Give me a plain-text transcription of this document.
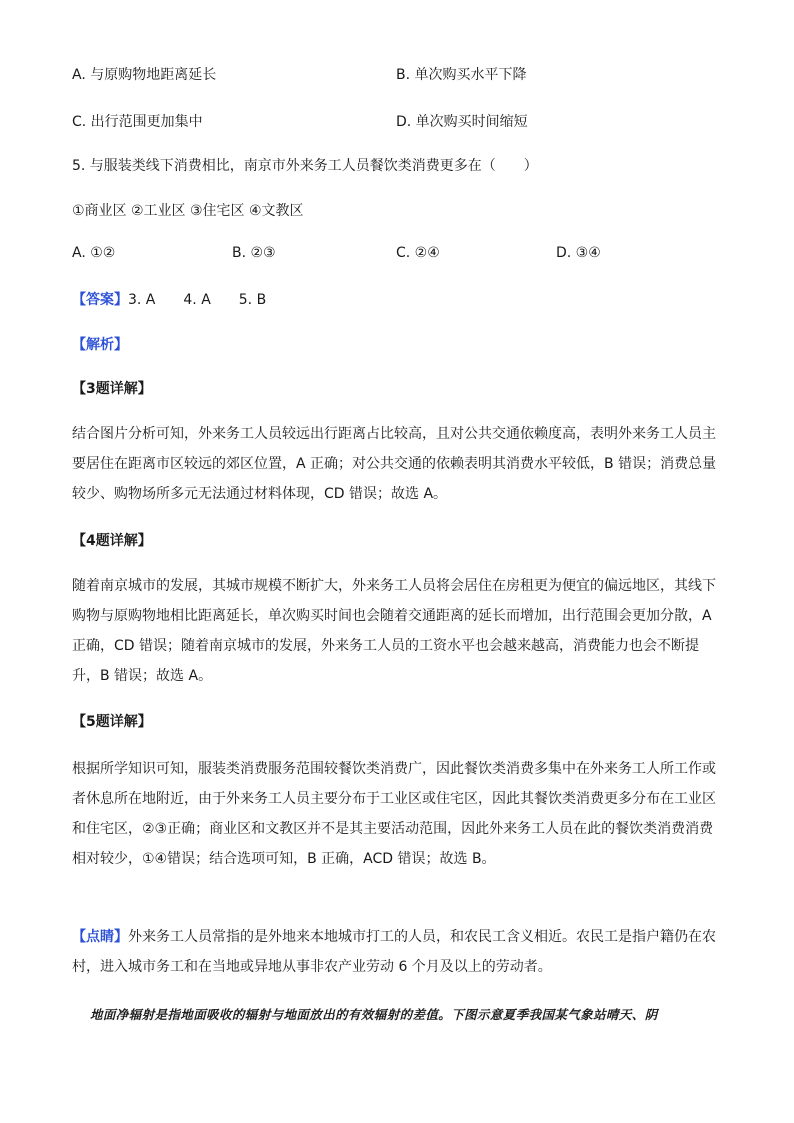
A. 与原购物地距离延长	B. 单次购买水平下降
C. 出行范围更加集中	D. 单次购买时间缩短
5. 与服装类线下消费相比，南京市外来务工人员餐饮类消费更多在（　　）
①商业区 ②工业区 ③住宅区 ④文教区
A. ①②	B. ②③	C. ②④	D. ③④
【答案】3. A　　4. A　　5. B
【解析】
【3题详解】
结合图片分析可知，外来务工人员较远出行距离占比较高，且对公共交通依赖度高，表明外来务工人员主
要居住在距离市区较远的郊区位置，A 正确；对公共交通的依赖表明其消费水平较低，B 错误；消费总量
较少、购物场所多元无法通过材料体现，CD 错误；故选 A。
【4题详解】
随着南京城市的发展，其城市规模不断扩大，外来务工人员将会居住在房租更为便宜的偏远地区，其线下
购物与原购物地相比距离延长，单次购买时间也会随着交通距离的延长而增加，出行范围会更加分散，A
正确，CD 错误；随着南京城市的发展，外来务工人员的工资水平也会越来越高，消费能力也会不断提
升，B 错误；故选 A。
【5题详解】
根据所学知识可知，服装类消费服务范围较餐饮类消费广，因此餐饮类消费多集中在外来务工人所工作或
者休息所在地附近，由于外来务工人员主要分布于工业区或住宅区，因此其餐饮类消费更多分布在工业区
和住宅区，②③正确；商业区和文教区并不是其主要活动范围，因此外来务工人员在此的餐饮类消费消费
相对较少，①④错误；结合选项可知，B 正确，ACD 错误；故选 B。
【点睛】外来务工人员常指的是外地来本地城市打工的人员，和农民工含义相近。农民工是指户籍仍在农
村，进入城市务工和在当地或异地从事非农产业劳动 6 个月及以上的劳动者。
地面净辐射是指地面吸收的辐射与地面放出的有效辐射的差值。下图示意夏季我国某气象站晴天、阴
